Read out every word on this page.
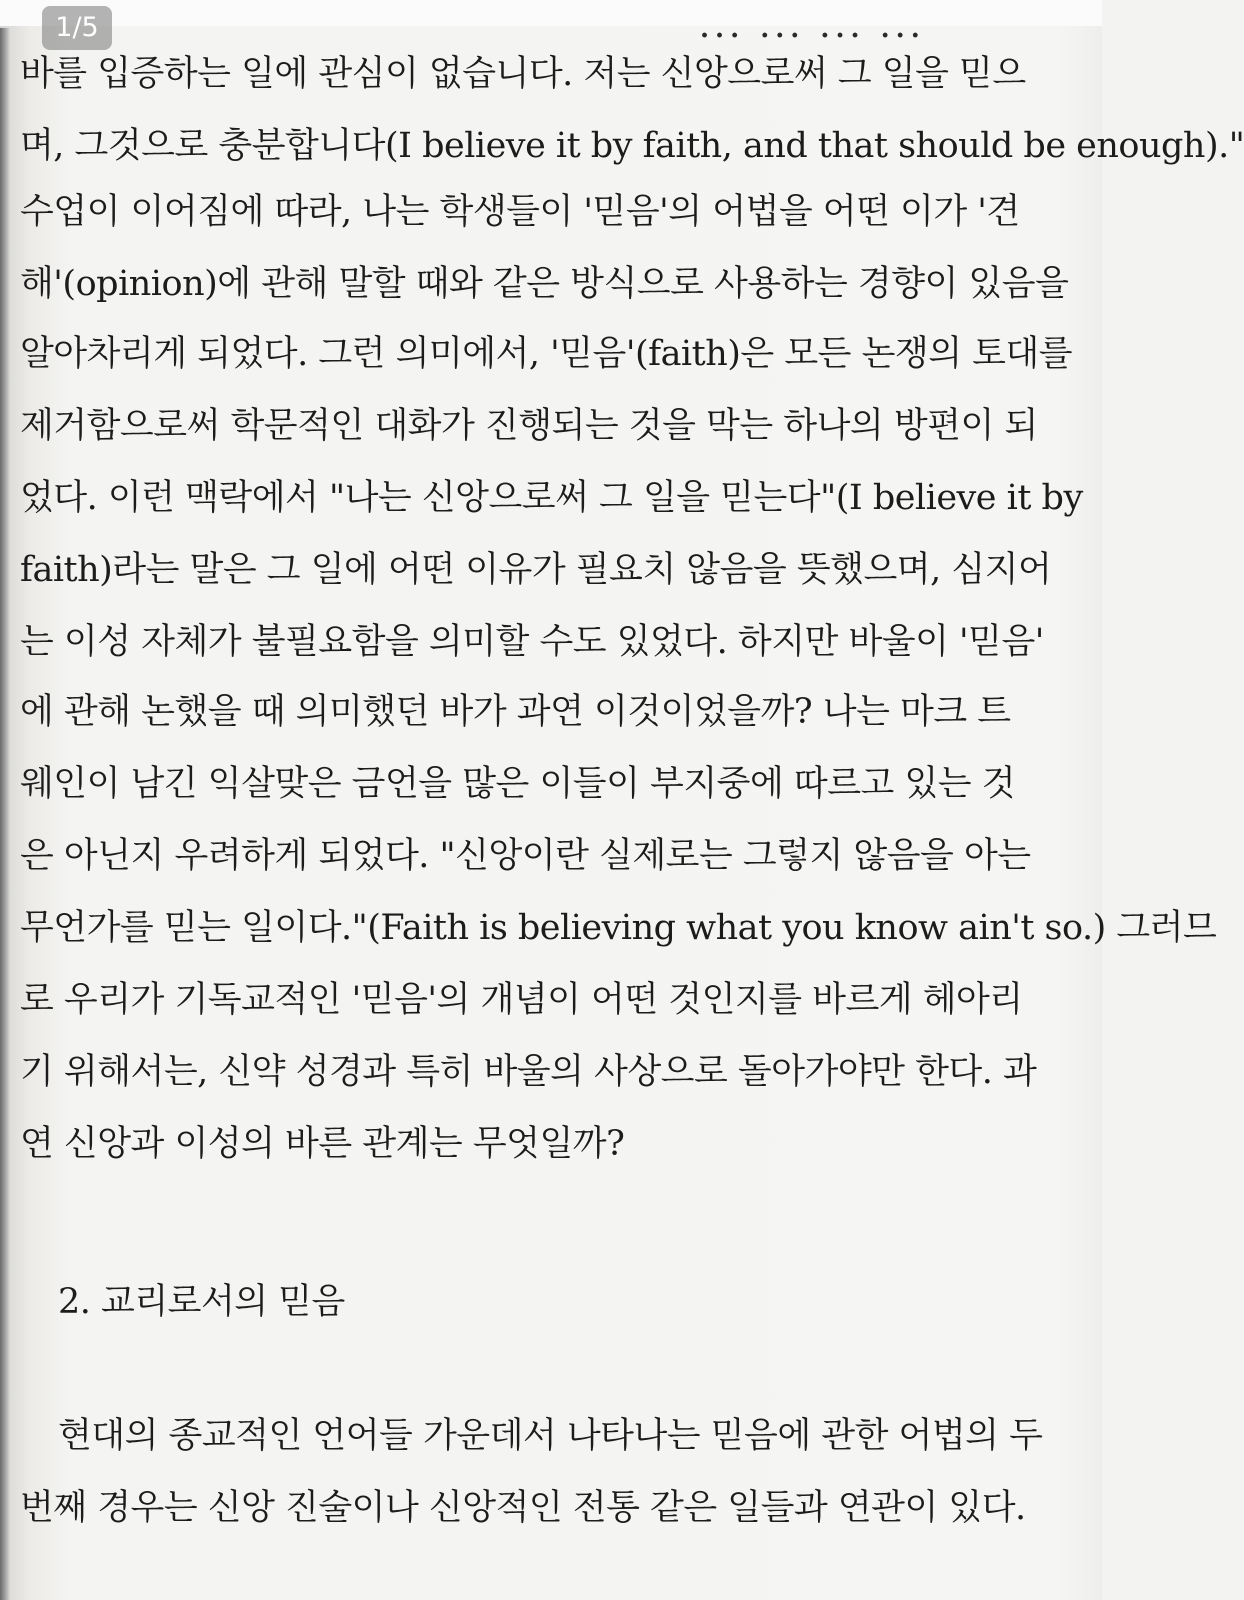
... ... ... ...
1/5
바를 입증하는 일에 관심이 없습니다. 저는 신앙으로써 그 일을 믿으
며, 그것으로 충분합니다(I believe it by faith, and that should be enough)."
수업이 이어짐에 따라, 나는 학생들이 '믿음'의 어법을 어떤 이가 '견
해'(opinion)에 관해 말할 때와 같은 방식으로 사용하는 경향이 있음을
알아차리게 되었다. 그런 의미에서, '믿음'(faith)은 모든 논쟁의 토대를
제거함으로써 학문적인 대화가 진행되는 것을 막는 하나의 방편이 되
었다. 이런 맥락에서 "나는 신앙으로써 그 일을 믿는다"(I believe it by
faith)라는 말은 그 일에 어떤 이유가 필요치 않음을 뜻했으며, 심지어
는 이성 자체가 불필요함을 의미할 수도 있었다. 하지만 바울이 '믿음'
에 관해 논했을 때 의미했던 바가 과연 이것이었을까? 나는 마크 트
웨인이 남긴 익살맞은 금언을 많은 이들이 부지중에 따르고 있는 것
은 아닌지 우려하게 되었다. "신앙이란 실제로는 그렇지 않음을 아는
무언가를 믿는 일이다."(Faith is believing what you know ain't so.) 그러므
로 우리가 기독교적인 '믿음'의 개념이 어떤 것인지를 바르게 헤아리
기 위해서는, 신약 성경과 특히 바울의 사상으로 돌아가야만 한다. 과
연 신앙과 이성의 바른 관계는 무엇일까?
2. 교리로서의 믿음
현대의 종교적인 언어들 가운데서 나타나는 믿음에 관한 어법의 두
번째 경우는 신앙 진술이나 신앙적인 전통 같은 일들과 연관이 있다.
